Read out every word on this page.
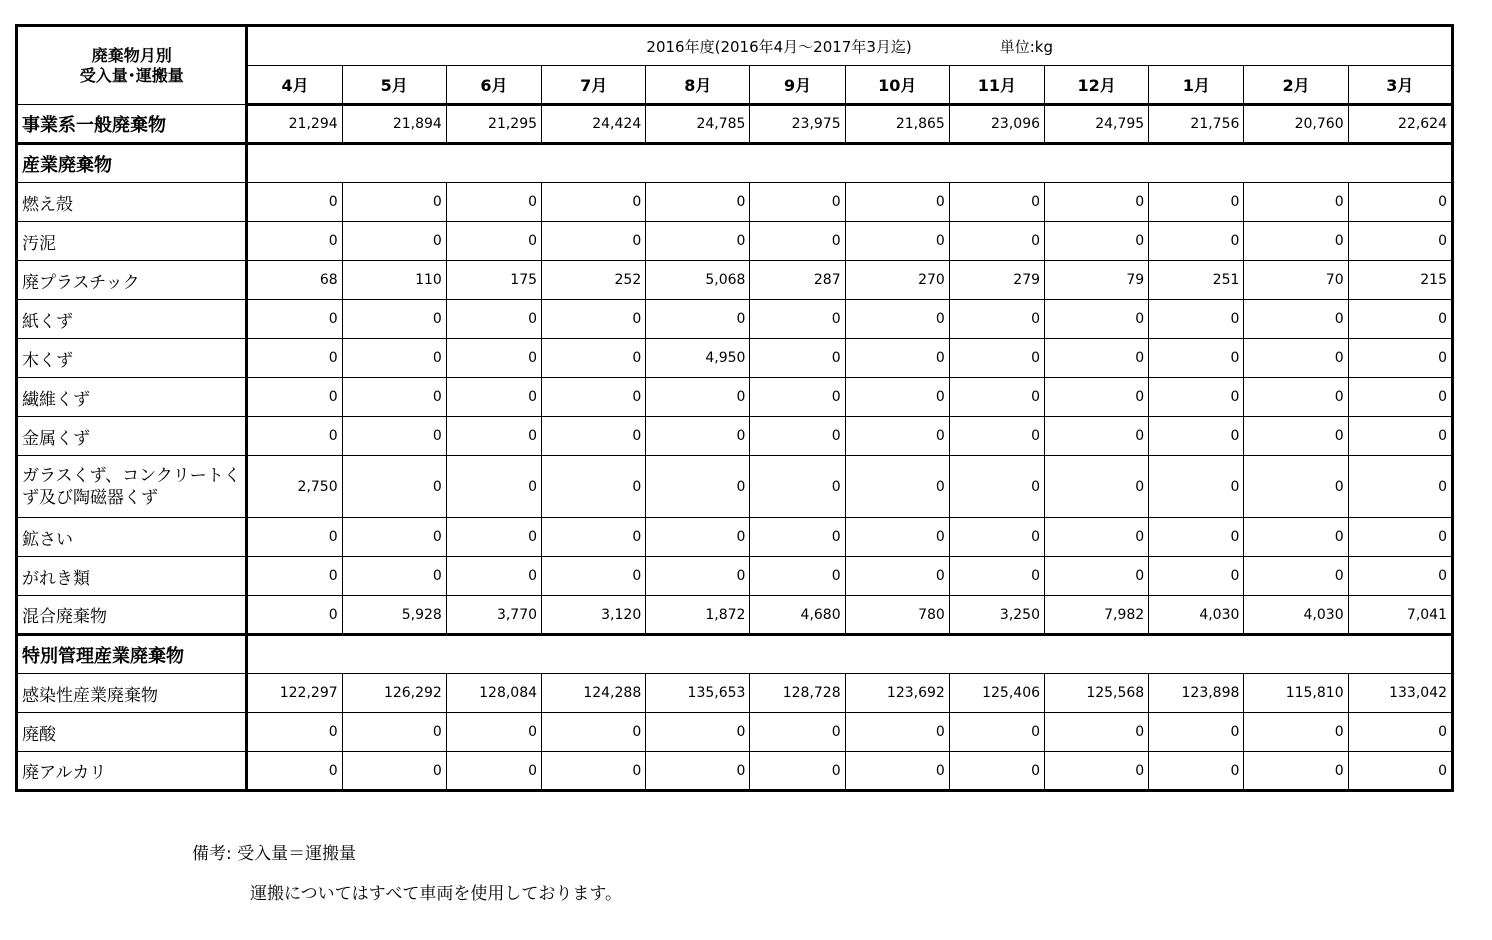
廃棄物月別
受入量･運搬量	2016年度(2016年4月～2017年3月迄) 単位:kg											
	4月	5月	6月	7月	8月	9月	10月	11月	12月	1月	2月	3月
事業系一般廃棄物	21,294	21,894	21,295	24,424	24,785	23,975	21,865	23,096	24,795	21,756	20,760	22,624
産業廃棄物												
燃え殻	0	0	0	0	0	0	0	0	0	0	0	0
汚泥	0	0	0	0	0	0	0	0	0	0	0	0
廃プラスチック	68	110	175	252	5,068	287	270	279	79	251	70	215
紙くず	0	0	0	0	0	0	0	0	0	0	0	0
木くず	0	0	0	0	4,950	0	0	0	0	0	0	0
繊維くず	0	0	0	0	0	0	0	0	0	0	0	0
金属くず	0	0	0	0	0	0	0	0	0	0	0	0
ガラスくず、コンクリートくず及び陶磁器くず	2,750	0	0	0	0	0	0	0	0	0	0	0
鉱さい	0	0	0	0	0	0	0	0	0	0	0	0
がれき類	0	0	0	0	0	0	0	0	0	0	0	0
混合廃棄物	0	5,928	3,770	3,120	1,872	4,680	780	3,250	7,982	4,030	4,030	7,041
特別管理産業廃棄物												
感染性産業廃棄物	122,297	126,292	128,084	124,288	135,653	128,728	123,692	125,406	125,568	123,898	115,810	133,042
廃酸	0	0	0	0	0	0	0	0	0	0	0	0
廃アルカリ	0	0	0	0	0	0	0	0	0	0	0	0
備考: 受入量＝運搬量
運搬についてはすべて車両を使用しております。
